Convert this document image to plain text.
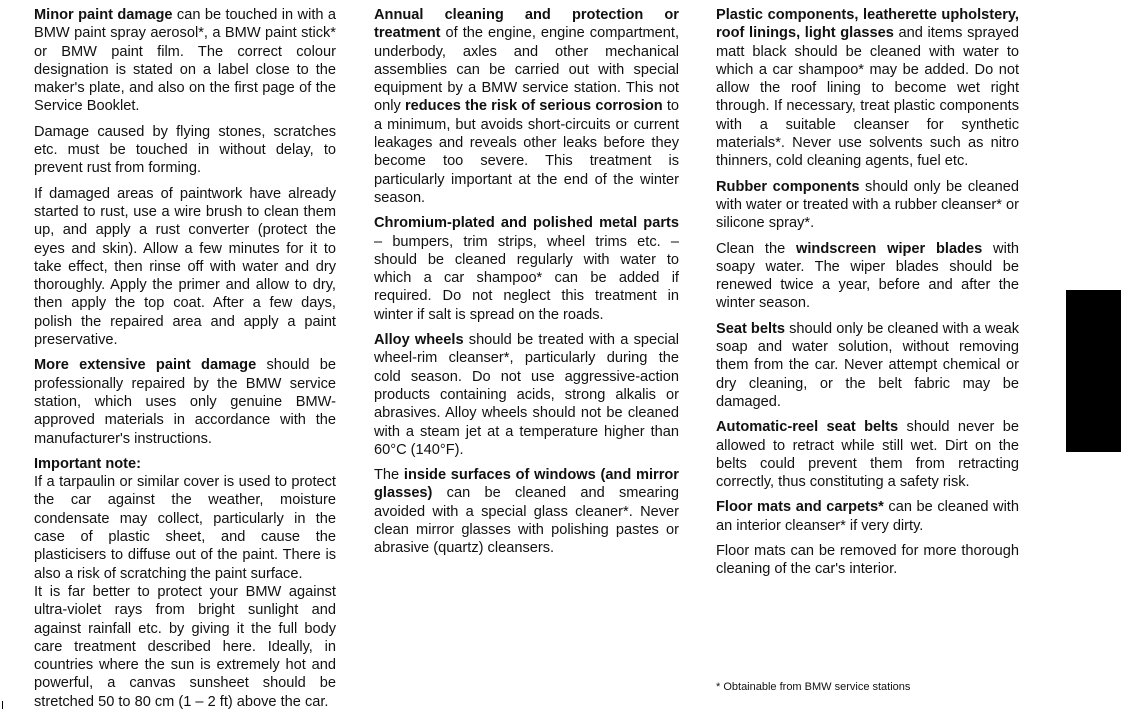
Minor paint damage can be touched in with a BMW paint spray aerosol*, a BMW paint stick* or BMW paint film. The correct colour designation is stated on a label close to the maker's plate, and also on the first page of the Service Booklet.

Damage caused by flying stones, scratches etc. must be touched in without delay, to prevent rust from forming.

If damaged areas of paintwork have already started to rust, use a wire brush to clean them up, and apply a rust converter (protect the eyes and skin). Allow a few minutes for it to take effect, then rinse off with water and dry thoroughly. Apply the primer and allow to dry, then apply the top coat. After a few days, polish the repaired area and apply a paint preservative.

More extensive paint damage should be professionally repaired by the BMW service station, which uses only genuine BMW-approved materials in accordance with the manufacturer's instructions.

Important note:
If a tarpaulin or similar cover is used to protect the car against the weather, moisture condensate may collect, particularly in the case of plastic sheet, and cause the plasticisers to diffuse out of the paint. There is also a risk of scratching the paint surface.

It is far better to protect your BMW against ultra-violet rays from bright sunlight and against rainfall etc. by giving it the full body care treatment described here. Ideally, in countries where the sun is extremely hot and powerful, a canvas sunsheet should be stretched 50 to 80 cm (1 – 2 ft) above the car.

Annual cleaning and protection or treatment of the engine, engine compartment, underbody, axles and other mechanical assemblies can be carried out with special equipment by a BMW service station. This not only reduces the risk of serious corrosion to a minimum, but avoids short-circuits or current leakages and reveals other leaks before they become too severe. This treatment is particularly important at the end of the winter season.

Chromium-plated and polished metal parts – bumpers, trim strips, wheel trims etc. – should be cleaned regularly with water to which a car shampoo* can be added if required. Do not neglect this treatment in winter if salt is spread on the roads.

Alloy wheels should be treated with a special wheel-rim cleanser*, particularly during the cold season. Do not use aggressive-action products containing acids, strong alkalis or abrasives. Alloy wheels should not be cleaned with a steam jet at a temperature higher than 60°C (140°F).

The inside surfaces of windows (and mirror glasses) can be cleaned and smearing avoided with a special glass cleaner*. Never clean mirror glasses with polishing pastes or abrasive (quartz) cleansers.

Plastic components, leatherette upholstery, roof linings, light glasses and items sprayed matt black should be cleaned with water to which a car shampoo* may be added. Do not allow the roof lining to become wet right through. If necessary, treat plastic components with a suitable cleanser for synthetic materials*. Never use solvents such as nitro thinners, cold cleaning agents, fuel etc.

Rubber components should only be cleaned with water or treated with a rubber cleanser* or silicone spray*.

Clean the windscreen wiper blades with soapy water. The wiper blades should be renewed twice a year, before and after the winter season.

Seat belts should only be cleaned with a weak soap and water solution, without removing them from the car. Never attempt chemical or dry cleaning, or the belt fabric may be damaged.

Automatic-reel seat belts should never be allowed to retract while still wet. Dirt on the belts could prevent them from retracting correctly, thus constituting a safety risk.

Floor mats and carpets* can be cleaned with an interior cleanser* if very dirty.

Floor mats can be removed for more thorough cleaning of the car's interior.

* Obtainable from BMW service stations
